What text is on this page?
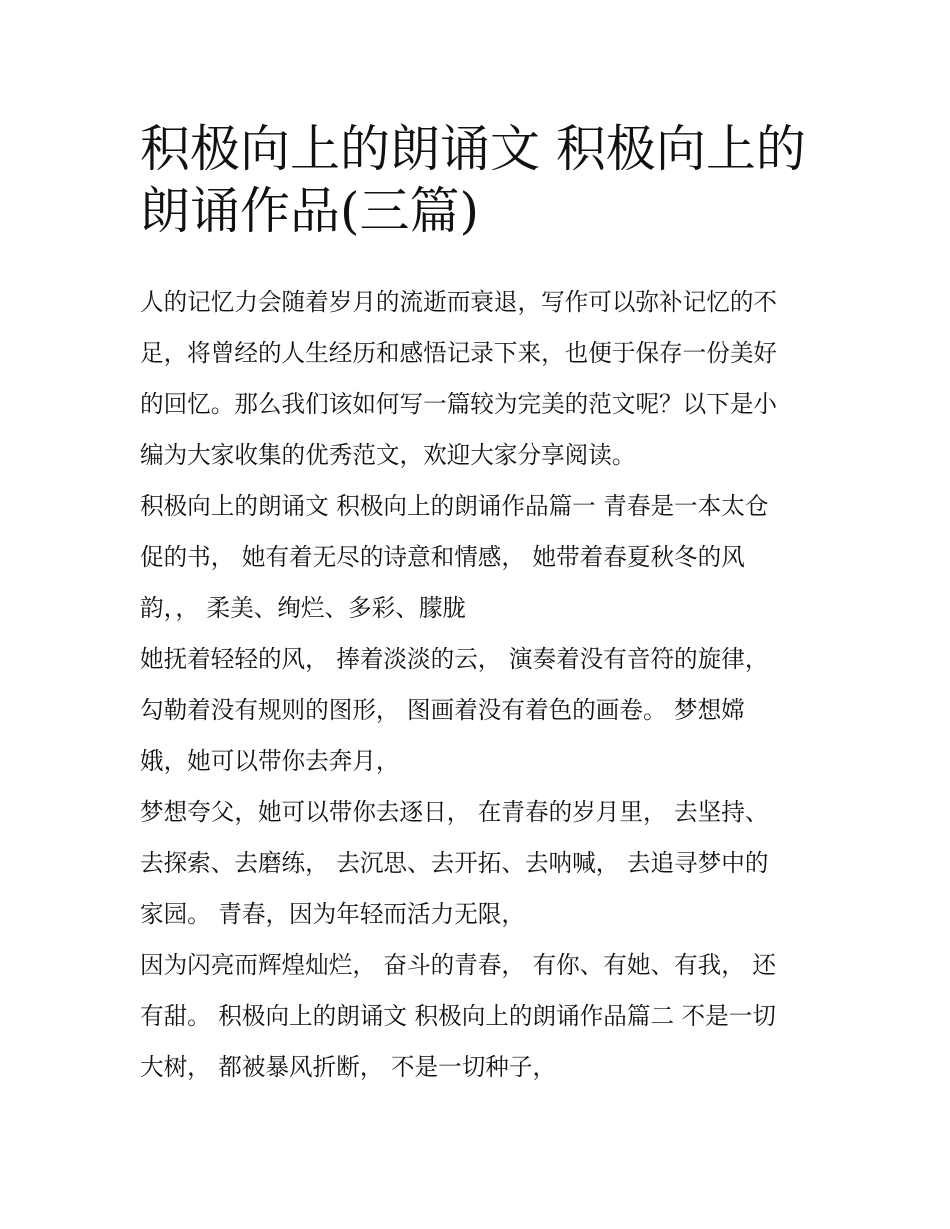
积极向上的朗诵文 积极向上的
朗诵作品(三篇)
人的记忆力会随着岁月的流逝而衰退，写作可以弥补记忆的不
足，将曾经的人生经历和感悟记录下来，也便于保存一份美好
的回忆。那么我们该如何写一篇较为完美的范文呢？以下是小
编为大家收集的优秀范文，欢迎大家分享阅读。
积极向上的朗诵文 积极向上的朗诵作品篇一 青春是一本太仓
促的书， 她有着无尽的诗意和情感， 她带着春夏秋冬的风
韵，， 柔美、绚烂、多彩、朦胧
她抚着轻轻的风， 捧着淡淡的云， 演奏着没有音符的旋律，
勾勒着没有规则的图形， 图画着没有着色的画卷。 梦想嫦
娥，她可以带你去奔月，
梦想夸父，她可以带你去逐日， 在青春的岁月里， 去坚持、
去探索、去磨练， 去沉思、去开拓、去呐喊， 去追寻梦中的
家园。 青春，因为年轻而活力无限，
因为闪亮而辉煌灿烂， 奋斗的青春， 有你、有她、有我， 还
有甜。 积极向上的朗诵文 积极向上的朗诵作品篇二 不是一切
大树， 都被暴风折断， 不是一切种子，
